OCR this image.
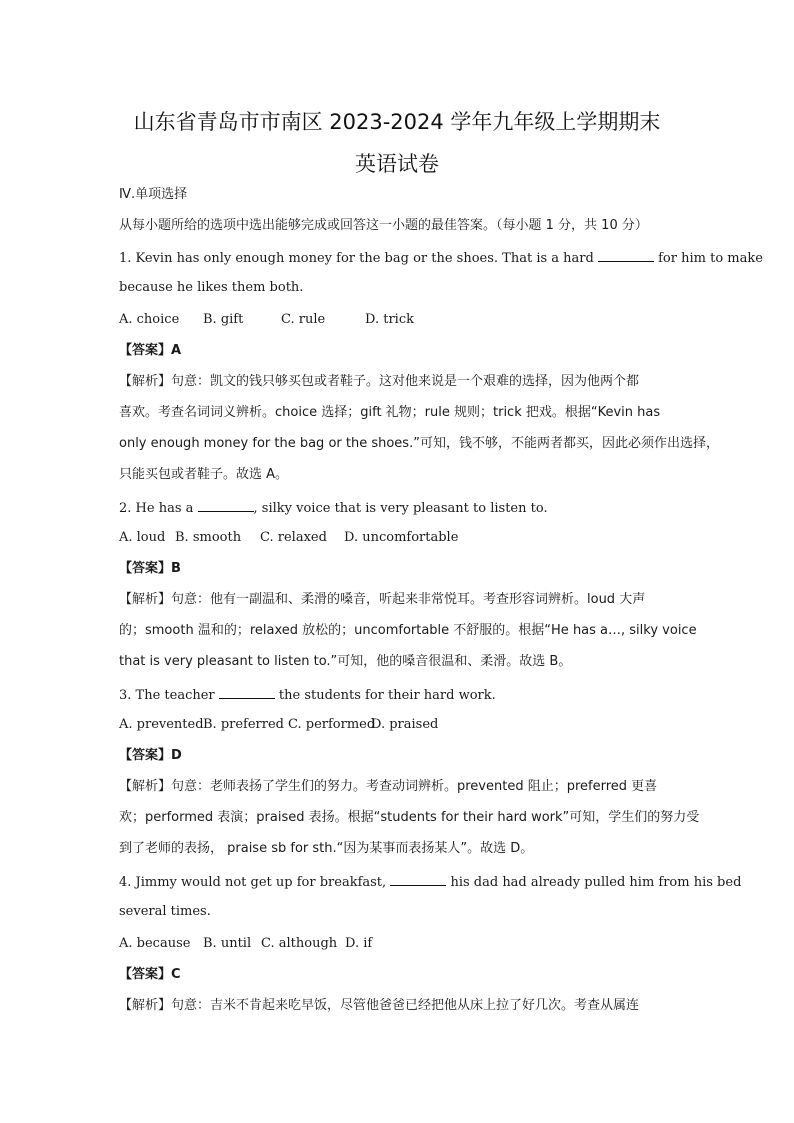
山东省青岛市市南区 2023-2024 学年九年级上学期期末
英语试卷
Ⅳ.单项选择
从每小题所给的选项中选出能够完成或回答这一小题的最佳答案。（每小题 1 分，共 10 分）
1. Kevin has only enough money for the bag or the shoes. That is a hard	for him to make
because he likes them both.
A. choice B. gift	C. rule	D. trick
【答案】A
【解析】句意：凯文的钱只够买包或者鞋子。这对他来说是一个艰难的选择，因为他两个都
喜欢。考查名词词义辨析。choice 选择；gift 礼物；rule 规则；trick 把戏。根据“Kevin has
only enough money for the bag or the shoes.”可知，钱不够，不能两者都买，因此必须作出选择，
只能买包或者鞋子。故选 A。
2. He has a	, silky voice that is very pleasant to listen to.
A. loud B. smooth C. relaxed D. uncomfortable
【答案】B
【解析】句意：他有一副温和、柔滑的嗓音，听起来非常悦耳。考查形容词辨析。loud 大声
的；smooth 温和的；relaxed 放松的；uncomfortable 不舒服的。根据“He has a…, silky voice
that is very pleasant to listen to.”可知，他的嗓音很温和、柔滑。故选 B。
3. The teacher	the students for their hard work.
A. preventedB. preferred C. performedD. praised
【答案】D
【解析】句意：老师表扬了学生们的努力。考查动词辨析。prevented 阻止；preferred 更喜
欢；performed 表演；praised 表扬。根据“students for their hard work”可知，学生们的努力受
到了老师的表扬， praise sb for sth.“因为某事而表扬某人”。故选 D。
4. Jimmy would not get up for breakfast,	his dad had already pulled him from his bed
several times.
A. because B. until C. although D. if
【答案】C
【解析】句意：吉米不肯起来吃早饭，尽管他爸爸已经把他从床上拉了好几次。考查从属连
